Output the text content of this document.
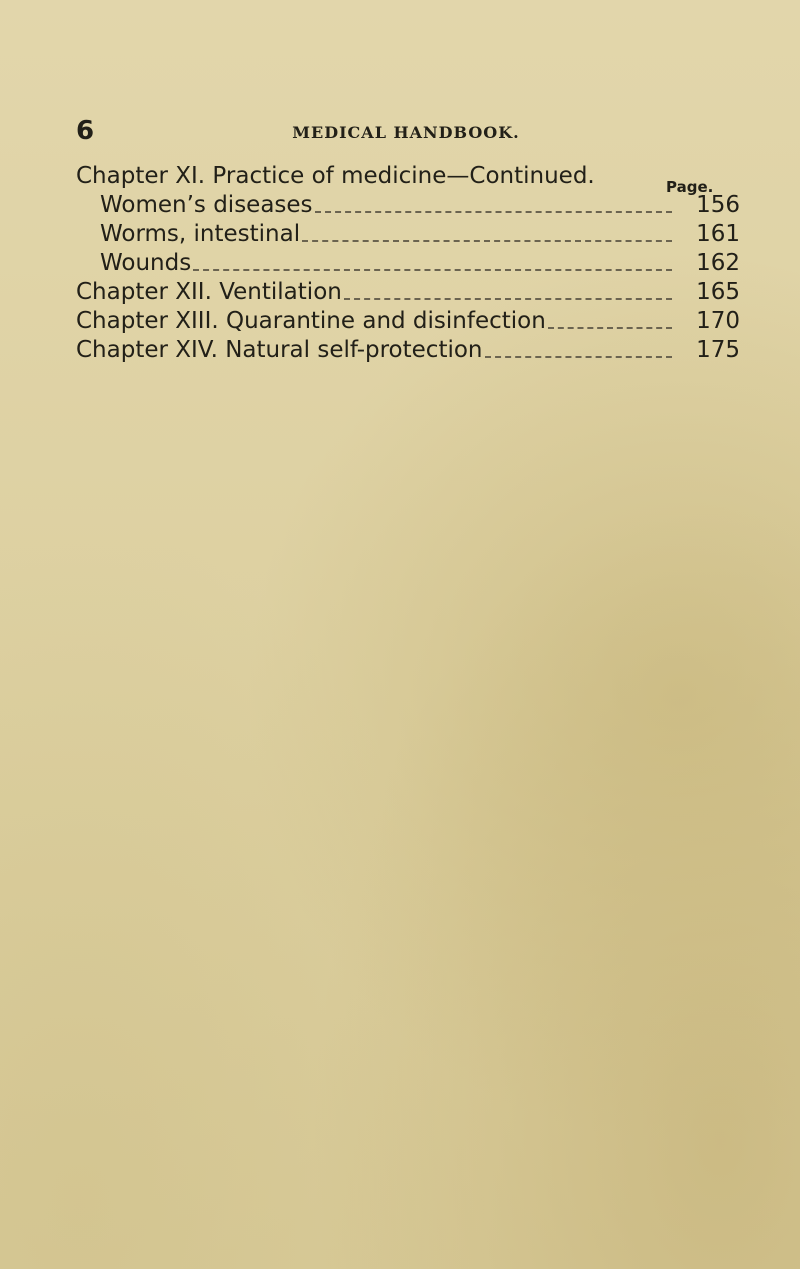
6	MEDICAL HANDBOOK.
Chapter XI. Practice of medicine—Continued.
Women’s diseases	156
Worms, intestinal	161
Wounds	162
Chapter XII. Ventilation	165
Chapter XIII. Quarantine and disinfection	170
Chapter XIV. Natural self-protection	175
Page.
